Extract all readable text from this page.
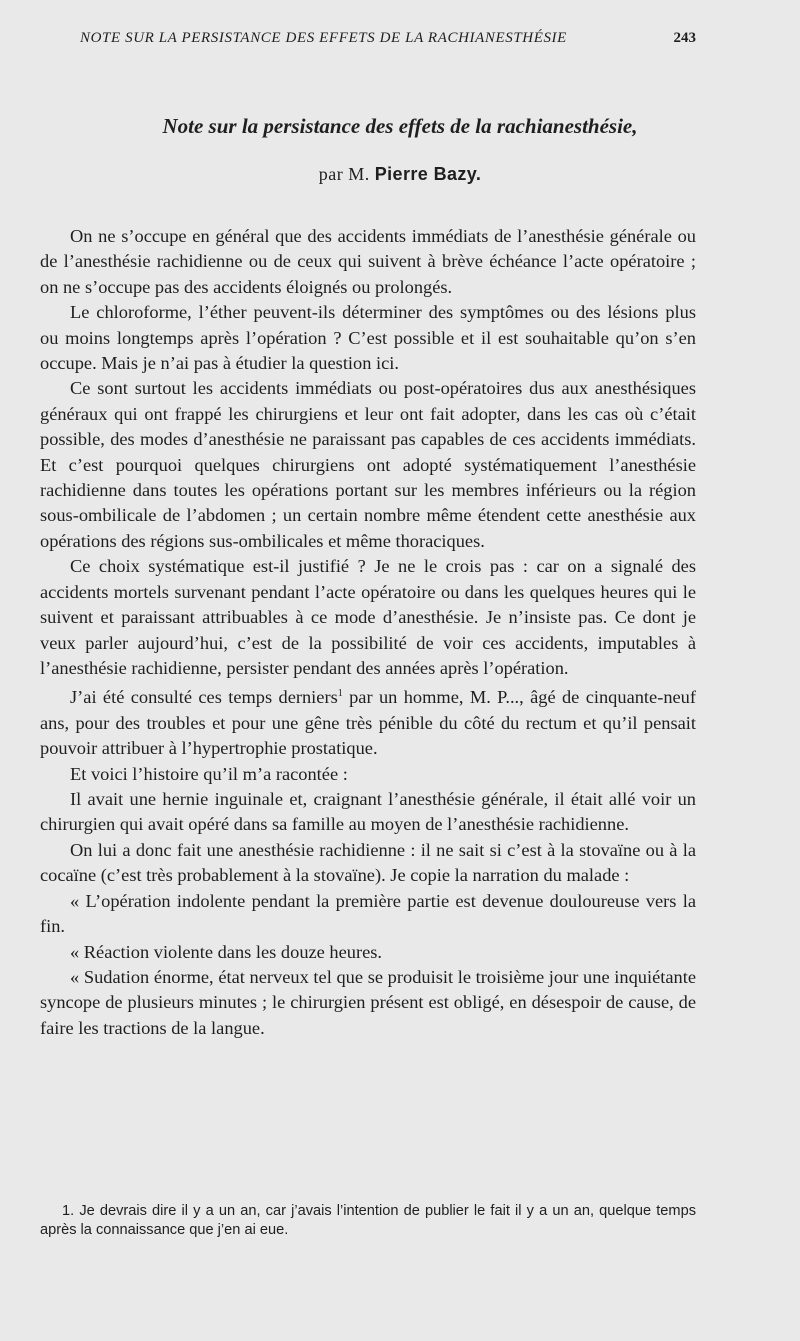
NOTE SUR LA PERSISTANCE DES EFFETS DE LA RACHIANESTHÉSIE	243
Note sur la persistance des effets de la rachianesthésie,
par M. Pierre Bazy.

On ne s’occupe en général que des accidents immédiats de l’anesthésie générale ou de l’anesthésie rachidienne ou de ceux qui suivent à brève échéance l’acte opératoire ; on ne s’occupe pas des accidents éloignés ou prolongés.

Le chloroforme, l’éther peuvent-ils déterminer des symptômes ou des lésions plus ou moins longtemps après l’opération ? C’est possible et il est souhaitable qu’on s’en occupe. Mais je n’ai pas à étudier la question ici.

Ce sont surtout les accidents immédiats ou post-opératoires dus aux anesthésiques généraux qui ont frappé les chirurgiens et leur ont fait adopter, dans les cas où c’était possible, des modes d’anesthésie ne paraissant pas capables de ces accidents immédiats. Et c’est pourquoi quelques chirurgiens ont adopté systématiquement l’anesthésie rachidienne dans toutes les opérations portant sur les membres inférieurs ou la région sous-ombilicale de l’abdomen ; un certain nombre même étendent cette anesthésie aux opérations des régions sus-ombilicales et même thoraciques.

Ce choix systématique est-il justifié ? Je ne le crois pas : car on a signalé des accidents mortels survenant pendant l’acte opératoire ou dans les quelques heures qui le suivent et paraissant attribuables à ce mode d’anesthésie. Je n’insiste pas. Ce dont je veux parler aujourd’hui, c’est de la possibilité de voir ces accidents, imputables à l’anesthésie rachidienne, persister pendant des années après l’opération.

J’ai été consulté ces temps derniers$^1$ par un homme, M. P..., âgé de cinquante-neuf ans, pour des troubles et pour une gêne très pénible du côté du rectum et qu’il pensait pouvoir attribuer à l’hypertrophie prostatique.

Et voici l’histoire qu’il m’a racontée :

Il avait une hernie inguinale et, craignant l’anesthésie générale, il était allé voir un chirurgien qui avait opéré dans sa famille au moyen de l’anesthésie rachidienne.

On lui a donc fait une anesthésie rachidienne : il ne sait si c’est à la stovaïne ou à la cocaïne (c’est très probablement à la stovaïne). Je copie la narration du malade :

« L’opération indolente pendant la première partie est devenue douloureuse vers la fin.

« Réaction violente dans les douze heures.

« Sudation énorme, état nerveux tel que se produisit le troisième jour une inquiétante syncope de plusieurs minutes ; le chirurgien présent est obligé, en désespoir de cause, de faire les tractions de la langue.

1. Je devrais dire il y a un an, car j’avais l’intention de publier le fait il y a un an, quelque temps après la connaissance que j’en ai eue.
